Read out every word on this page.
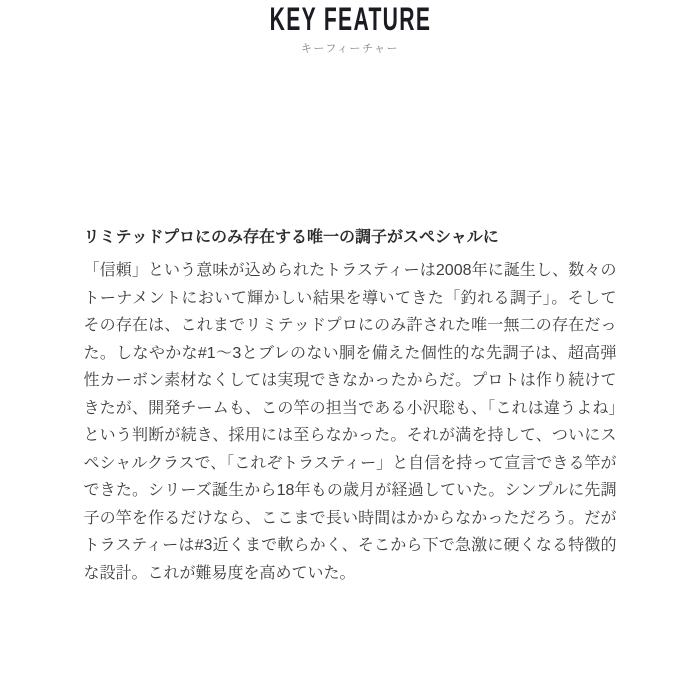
KEY FEATURE
キーフィーチャー
リミテッドプロにのみ存在する唯一の調子がスペシャルに

「信頼」という意味が込められたトラスティーは2008年に誕生し、数々のトーナメントにおいて輝かしい結果を導いてきた「釣れる調子」。そしてその存在は、これまでリミテッドプロにのみ許された唯一無二の存在だった。しなやかな#1～3とブレのない胴を備えた個性的な先調子は、超高弾性カーボン素材なくしては実現できなかったからだ。プロトは作り続けてきたが、開発チームも、この竿の担当である小沢聡も、「これは違うよね」という判断が続き、採用には至らなかった。それが満を持して、ついにスペシャルクラスで、「これぞトラスティー」と自信を持って宣言できる竿ができた。シリーズ誕生から18年もの歳月が経過していた。シンプルに先調子の竿を作るだけなら、ここまで長い時間はかからなかっただろう。だがトラスティーは#3近くまで軟らかく、そこから下で急激に硬くなる特徴的な設計。これが難易度を高めていた。
